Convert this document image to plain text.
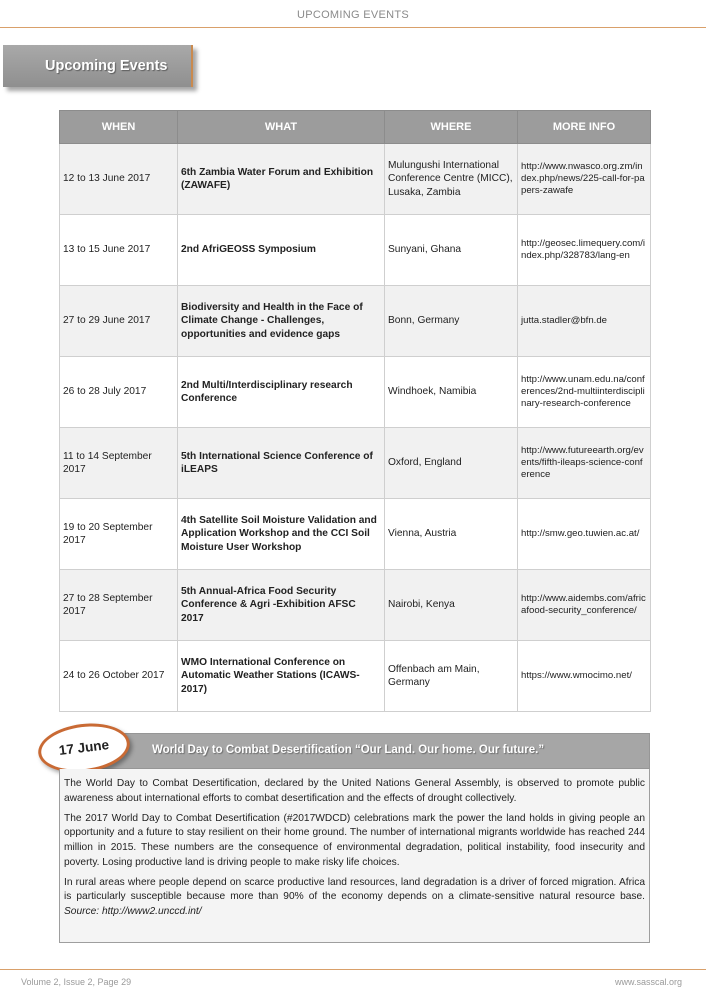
UPCOMING EVENTS
Upcoming Events
WHEN	WHAT	WHERE	MORE INFO
12 to 13 June 2017	6th Zambia Water Forum and Exhibition (ZAWAFE)	Mulungushi International Conference Centre (MICC), Lusaka, Zambia	http://www.nwasco.org.zm/index.php/news/225-call-for-papers-zawafe
13 to 15 June 2017	2nd AfriGEOSS Symposium	Sunyani, Ghana	http://geosec.limequery.com/index.php/328783/lang-en
27 to 29 June 2017	Biodiversity and Health in the Face of Climate Change - Challenges, opportunities and evidence gaps	Bonn, Germany	jutta.stadler@bfn.de
26 to 28 July 2017	2nd Multi/Interdisciplinary research Conference	Windhoek, Namibia	http://www.unam.edu.na/conferences/2nd-multiinterdisciplinary-research-conference
11 to 14 September 2017	5th International Science Conference of iLEAPS	Oxford, England	http://www.futureearth.org/events/fifth-ileaps-science-conference
19 to 20 September 2017	4th Satellite Soil Moisture Validation and Application Workshop and the CCI Soil Moisture User Workshop	Vienna, Austria	http://smw.geo.tuwien.ac.at/
27 to 28 September 2017	5th Annual-Africa Food Security Conference & Agri -Exhibition AFSC 2017	Nairobi, Kenya	http://www.aidembs.com/africafood-security_conference/
24 to 26 October 2017	WMO International Conference on Automatic Weather Stations (ICAWS-2017)	Offenbach am Main, Germany	https://www.wmocimo.net/
World Day to Combat Desertification “Our Land. Our home. Our future.”
17 June

The World Day to Combat Desertification, declared by the United Nations General Assembly, is observed to promote public awareness about international efforts to combat desertification and the effects of drought collectively.

The 2017 World Day to Combat Desertification (#2017WDCD) celebrations mark the power the land holds in giving people an opportunity and a future to stay resilient on their home ground. The number of international migrants worldwide has reached 244 million in 2015. These numbers are the consequence of environmental degradation, political instability, food insecurity and poverty. Losing productive land is driving people to make risky life choices.

In rural areas where people depend on scarce productive land resources, land degradation is a driver of forced migration. Africa is particularly susceptible because more than 90% of the economy depends on a climate-sensitive natural resource base. Source: http://www2.unccd.int/

Volume 2, Issue 2, Page 29	www.sasscal.org
